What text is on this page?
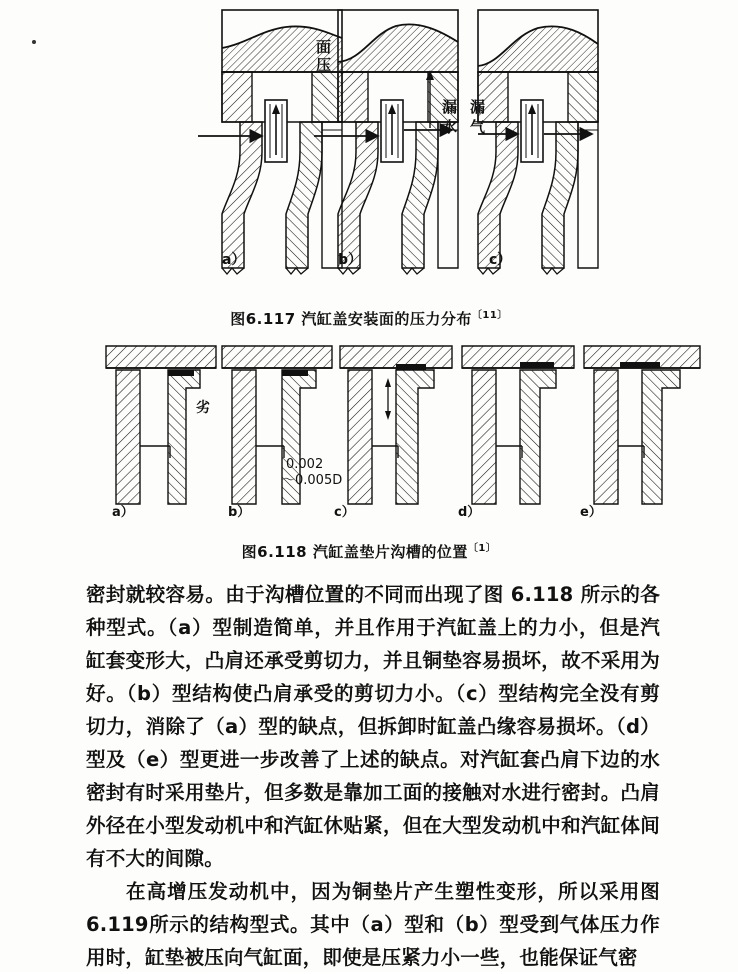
a）	b）	c）
面
压
漏
水
漏
气
图6.117 汽缸盖安装面的压力分布$^{〔11〕}$
a）	b）	c）	d）	e）
劣
0.002
～0.005D
图6.118 汽缸盖垫片沟槽的位置$^{〔1〕}$

密封就较容易。由于沟槽位置的不同而出现了图 6.118 所示的各种型式。（a）型制造简单，并且作用于汽缸盖上的力小，但是汽缸套变形大，凸肩还承受剪切力，并且铜垫容易损坏，故不采用为好。（b）型结构使凸肩承受的剪切力小。（c）型结构完全没有剪切力，消除了（a）型的缺点，但拆卸时缸盖凸缘容易损坏。（d）型及（e）型更进一步改善了上述的缺点。对汽缸套凸肩下边的水密封有时采用垫片，但多数是靠加工面的接触对水进行密封。凸肩外径在小型发动机中和汽缸休贴紧，但在大型发动机中和汽缸体间有不大的间隙。

在高增压发动机中，因为铜垫片产生塑性变形，所以采用图6.119所示的结构型式。其中（a）型和（b）型受到气体压力作用时，缸垫被压向气缸面，即使是压紧力小一些，也能保证气密
